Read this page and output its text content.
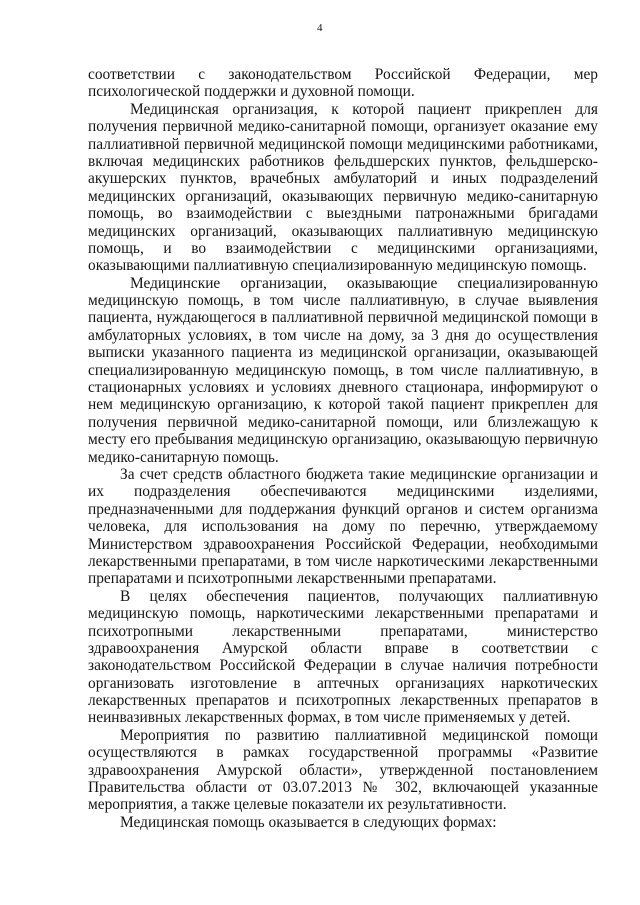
4
соответствии с законодательством Российской Федерации, мер
психологической поддержки и духовной помощи.
Медицинская организация, к которой пациент прикреплен для
получения первичной медико-санитарной помощи, организует оказание ему
паллиативной первичной медицинской помощи медицинскими работниками,
включая медицинских работников фельдшерских пунктов, фельдшерско-
акушерских пунктов, врачебных амбулаторий и иных подразделений
медицинских организаций, оказывающих первичную медико-санитарную
помощь, во взаимодействии с выездными патронажными бригадами
медицинских организаций, оказывающих паллиативную медицинскую
помощь, и во взаимодействии с медицинскими организациями,
оказывающими паллиативную специализированную медицинскую помощь.
Медицинские организации, оказывающие специализированную
медицинскую помощь, в том числе паллиативную, в случае выявления
пациента, нуждающегося в паллиативной первичной медицинской помощи в
амбулаторных условиях, в том числе на дому, за 3 дня до осуществления
выписки указанного пациента из медицинской организации, оказывающей
специализированную медицинскую помощь, в том числе паллиативную, в
стационарных условиях и условиях дневного стационара, информируют о
нем медицинскую организацию, к которой такой пациент прикреплен для
получения первичной медико-санитарной помощи, или близлежащую к
месту его пребывания медицинскую организацию, оказывающую первичную
медико-санитарную помощь.
За счет средств областного бюджета такие медицинские организации и
их подразделения обеспечиваются медицинскими изделиями,
предназначенными для поддержания функций органов и систем организма
человека, для использования на дому по перечню, утверждаемому
Министерством здравоохранения Российской Федерации, необходимыми
лекарственными препаратами, в том числе наркотическими лекарственными
препаратами и психотропными лекарственными препаратами.
В целях обеспечения пациентов, получающих паллиативную
медицинскую помощь, наркотическими лекарственными препаратами и
психотропными лекарственными препаратами, министерство
здравоохранения Амурской области вправе в соответствии с
законодательством Российской Федерации в случае наличия потребности
организовать изготовление в аптечных организациях наркотических
лекарственных препаратов и психотропных лекарственных препаратов в
неинвазивных лекарственных формах, в том числе применяемых у детей.
Мероприятия по развитию паллиативной медицинской помощи
осуществляются в рамках государственной программы «Развитие
здравоохранения Амурской области», утвержденной постановлением
Правительства области от 03.07.2013 № 302, включающей указанные
мероприятия, а также целевые показатели их результативности.
Медицинская помощь оказывается в следующих формах:
